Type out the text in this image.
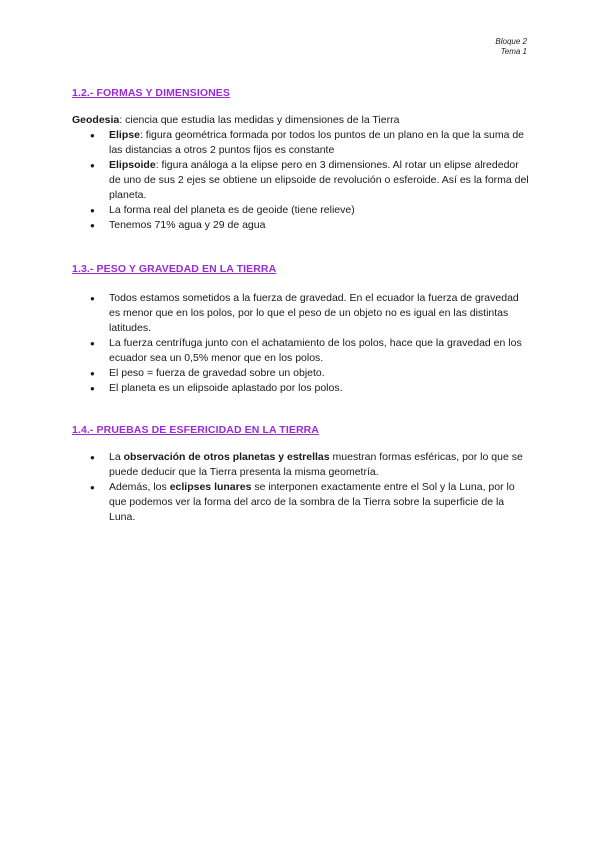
Bloque 2
Tema 1
1.2.- FORMAS Y DIMENSIONES
Geodesia: ciencia que estudia las medidas y dimensiones de la Tierra
● Elipse: figura geométrica formada por todos los puntos de un plano en la que la suma de las distancias a otros 2 puntos fijos es constante
● Elipsoide: figura análoga a la elipse pero en 3 dimensiones. Al rotar un elipse alrededor de uno de sus 2 ejes se obtiene un elipsoide de revolución o esferoide. Así es la forma del planeta.
● La forma real del planeta es de geoide (tiene relieve)
● Tenemos 71% agua y 29 de agua
1.3.- PESO Y GRAVEDAD EN LA TIERRA
● Todos estamos sometidos a la fuerza de gravedad. En el ecuador la fuerza de gravedad es menor que en los polos, por lo que el peso de un objeto no es igual en las distintas latitudes.
● La fuerza centrífuga junto con el achatamiento de los polos, hace que la gravedad en los ecuador sea un 0,5% menor que en los polos.
● El peso = fuerza de gravedad sobre un objeto.
● El planeta es un elipsoide aplastado por los polos.
1.4.- PRUEBAS DE ESFERICIDAD EN LA TIERRA
● La observación de otros planetas y estrellas muestran formas esféricas, por lo que se puede deducir que la Tierra presenta la misma geometría.
● Además, los eclipses lunares se interponen exactamente entre el Sol y la Luna, por lo que podemos ver la forma del arco de la sombra de la Tierra sobre la superficie de la Luna.
